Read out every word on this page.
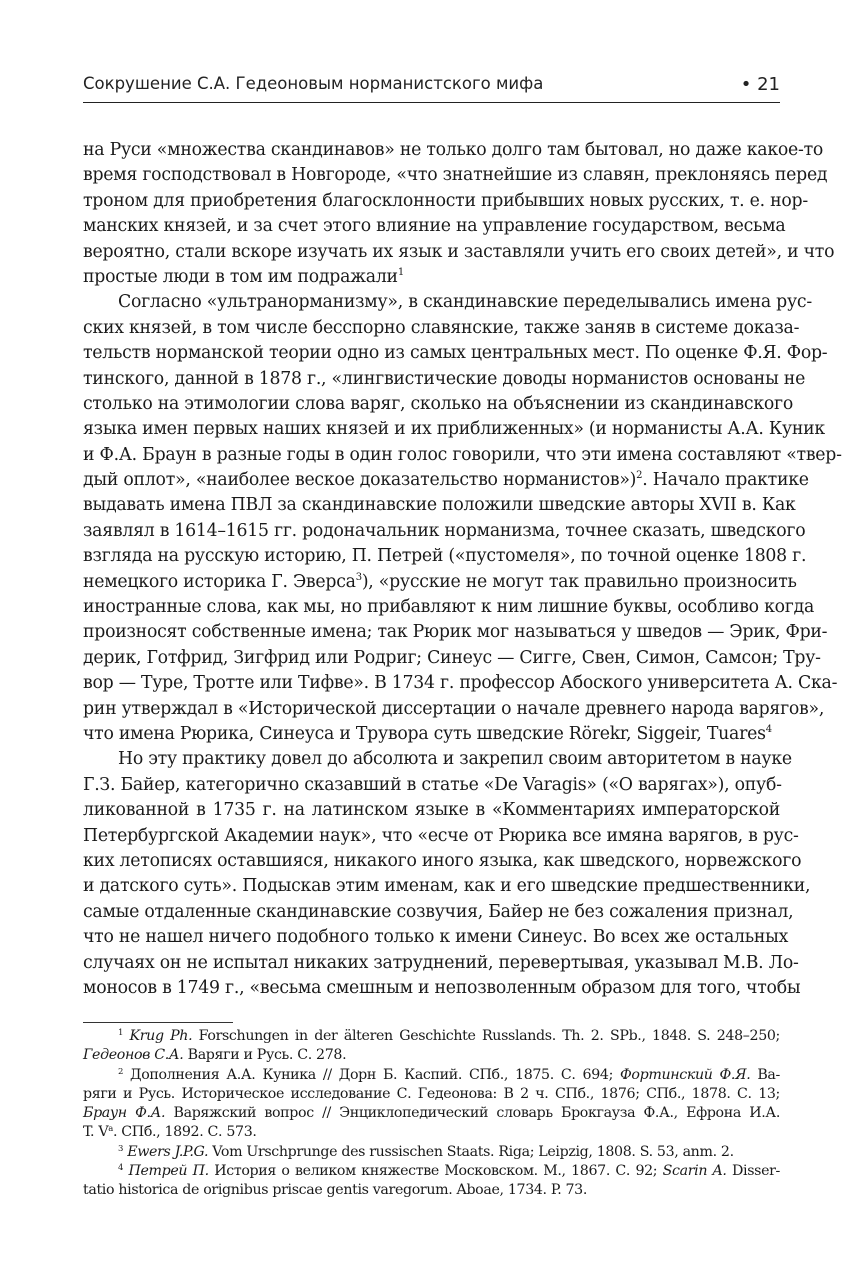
Сокрушение С.А. Гедеоновым норманистского мифа	• 21
на Руси «множества скандинавов» не только долго там бытовал, но даже какое-то
время господствовал в Новгороде, «что знатнейшие из славян, преклоняясь перед
троном для приобретения благосклонности прибывших новых русских, т. е. нор-
манских князей, и за счет этого влияние на управление государством, весьма
вероятно, стали вскоре изучать их язык и заставляли учить его своих детей», и что
простые люди в том им подражали$^1$
Согласно «ультранорманизму», в скандинавские переделывались имена рус-
ских князей, в том числе бесспорно славянские, также заняв в системе доказа-
тельств норманской теории одно из самых центральных мест. По оценке Ф.Я. Фор-
тинского, данной в 1878 г., «лингвистические доводы норманистов основаны не
столько на этимологии слова варяг, сколько на объяснении из скандинавского
языка имен первых наших князей и их приближенных» (и норманисты А.А. Куник
и Ф.А. Браун в разные годы в один голос говорили, что эти имена составляют «твер-
дый оплот», «наиболее веское доказательство норманистов»)$^2$. Начало практике
выдавать имена ПВЛ за скандинавские положили шведские авторы XVII в. Как
заявлял в 1614–1615 гг. родоначальник норманизма, точнее сказать, шведского
взгляда на русскую историю, П. Петрей («пустомеля», по точной оценке 1808 г.
немецкого историка Г. Эверса$^3$), «русские не могут так правильно произносить
иностранные слова, как мы, но прибавляют к ним лишние буквы, особливо когда
произносят собственные имена; так Рюрик мог называться у шведов — Эрик, Фри-
дерик, Готфрид, Зигфрид или Родриг; Синеус — Сигге, Свен, Симон, Самсон; Тру-
вор — Туре, Тротте или Тифве». В 1734 г. профессор Абоского университета А. Ска-
рин утверждал в «Исторической диссертации о начале древнего народа варягов»,
что имена Рюрика, Синеуса и Трувора суть шведские Rörekr, Siggeir, Tuares$^4$
Но эту практику довел до абсолюта и закрепил своим авторитетом в науке
Г.З. Байер, категорично сказавший в статье «De Varagis» («О варягах»), опуб-
ликованной в 1735 г. на латинском языке в «Комментариях императорской
Петербургской Академии наук», что «есче от Рюрика все имяна варягов, в рус-
ких летописях оставшияся, никакого иного языка, как шведского, норвежского
и датского суть». Подыскав этим именам, как и его шведские предшественники,
самые отдаленные скандинавские созвучия, Байер не без сожаления признал,
что не нашел ничего подобного только к имени Синеус. Во всех же остальных
случаях он не испытал никаких затруднений, перевертывая, указывал М.В. Ло-
моносов в 1749 г., «весьма смешным и непозволенным образом для того, чтобы
$^1$ Krug Ph. Forschungen in der älteren Geschichte Russlands. Th. 2. SPb., 1848. S. 248–250;
Гедеонов С.А. Варяги и Русь. С. 278.
$^2$ Дополнения А.А. Куника // Дорн Б. Каспий. СПб., 1875. С. 694; Фортинский Ф.Я. Ва-
ряги и Русь. Историческое исследование С. Гедеонова: В 2 ч. СПб., 1876; СПб., 1878. С. 13;
Браун Ф.А. Варяжский вопрос // Энциклопедический словарь Брокгауза Ф.А., Ефрона И.А.
T. $V^a$. СПб., 1892. С. 573.
$^3$ Ewers J.P.G. Vom Urschprunge des russischen Staats. Riga; Leipzig, 1808. S. 53, anm. 2.
$^4$ Петрей П. История о великом княжестве Московском. М., 1867. С. 92; Scarin A. Disser-
tatio historica de orignibus priscae gentis varegorum. Aboae, 1734. P. 73.
